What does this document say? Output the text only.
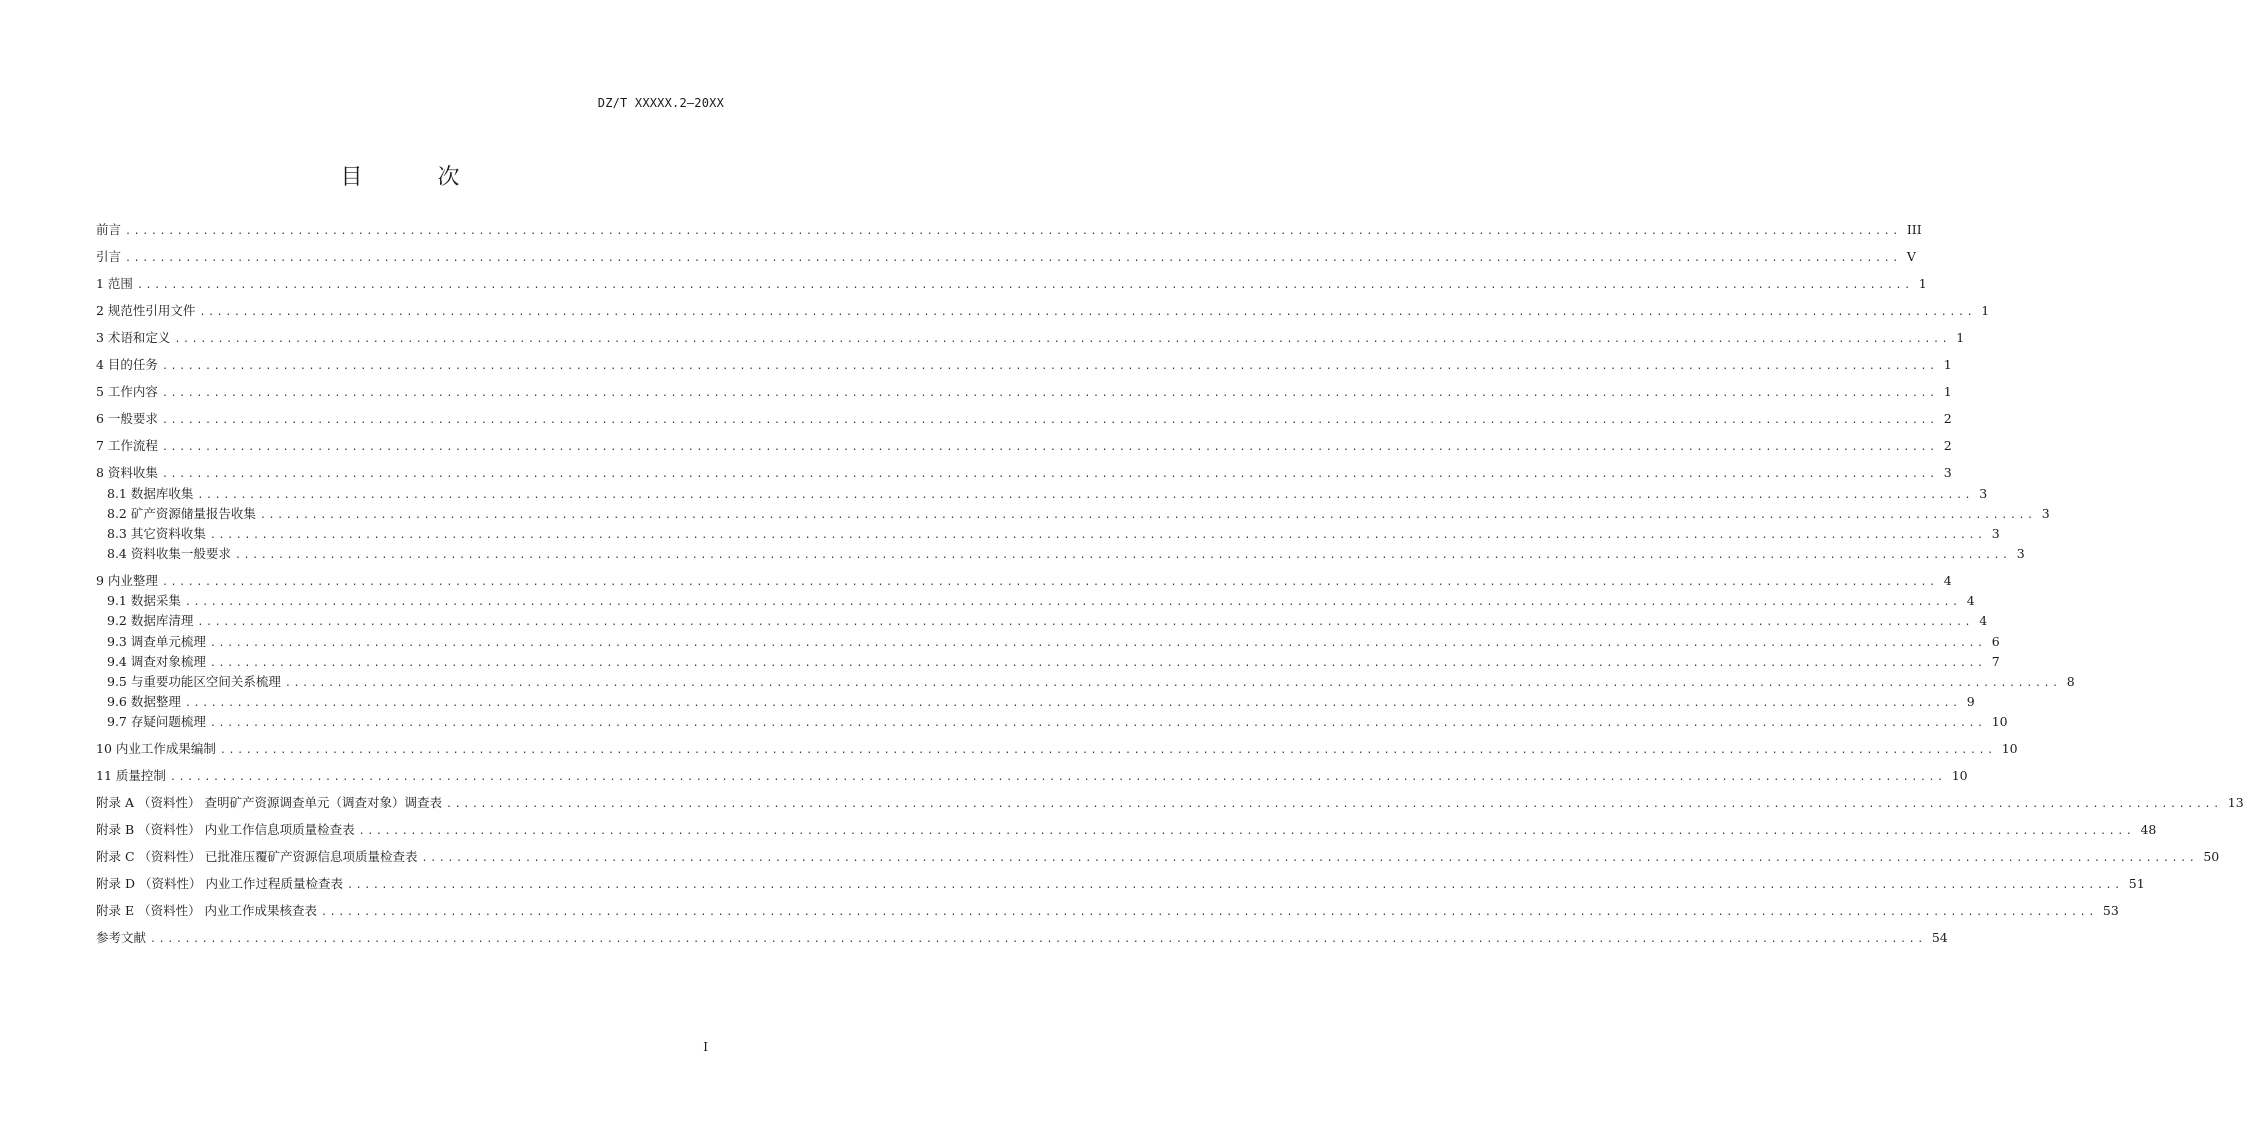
DZ/T XXXXX.2—20XX
目 次
前言 .............................................................................................................................................................................................................. III
引言 .............................................................................................................................................................................................................. V
1 范围 .............................................................................................................................................................................................................. 1
2 规范性引用文件 .............................................................................................................................................................................................................. 1
3 术语和定义 .............................................................................................................................................................................................................. 1
4 目的任务 .............................................................................................................................................................................................................. 1
5 工作内容 .............................................................................................................................................................................................................. 1
6 一般要求 .............................................................................................................................................................................................................. 2
7 工作流程 .............................................................................................................................................................................................................. 2
8 资料收集 .............................................................................................................................................................................................................. 3
8.1 数据库收集 .............................................................................................................................................................................................................. 3
8.2 矿产资源储量报告收集 .............................................................................................................................................................................................................. 3
8.3 其它资料收集 .............................................................................................................................................................................................................. 3
8.4 资料收集一般要求 .............................................................................................................................................................................................................. 3
9 内业整理 .............................................................................................................................................................................................................. 4
9.1 数据采集 .............................................................................................................................................................................................................. 4
9.2 数据库清理 .............................................................................................................................................................................................................. 4
9.3 调查单元梳理 .............................................................................................................................................................................................................. 6
9.4 调查对象梳理 .............................................................................................................................................................................................................. 7
9.5 与重要功能区空间关系梳理 .............................................................................................................................................................................................................. 8
9.6 数据整理 .............................................................................................................................................................................................................. 9
9.7 存疑问题梳理 .............................................................................................................................................................................................................. 10
10 内业工作成果编制 .............................................................................................................................................................................................................. 10
11 质量控制 .............................................................................................................................................................................................................. 10
附录 A （资料性） 查明矿产资源调查单元（调查对象）调查表 .............................................................................................................................................................................................................. 13
附录 B （资料性） 内业工作信息项质量检查表 .............................................................................................................................................................................................................. 48
附录 C （资料性） 已批准压覆矿产资源信息项质量检查表 .............................................................................................................................................................................................................. 50
附录 D （资料性） 内业工作过程质量检查表 .............................................................................................................................................................................................................. 51
附录 E （资料性） 内业工作成果核查表 .............................................................................................................................................................................................................. 53
参考文献 .............................................................................................................................................................................................................. 54
I
